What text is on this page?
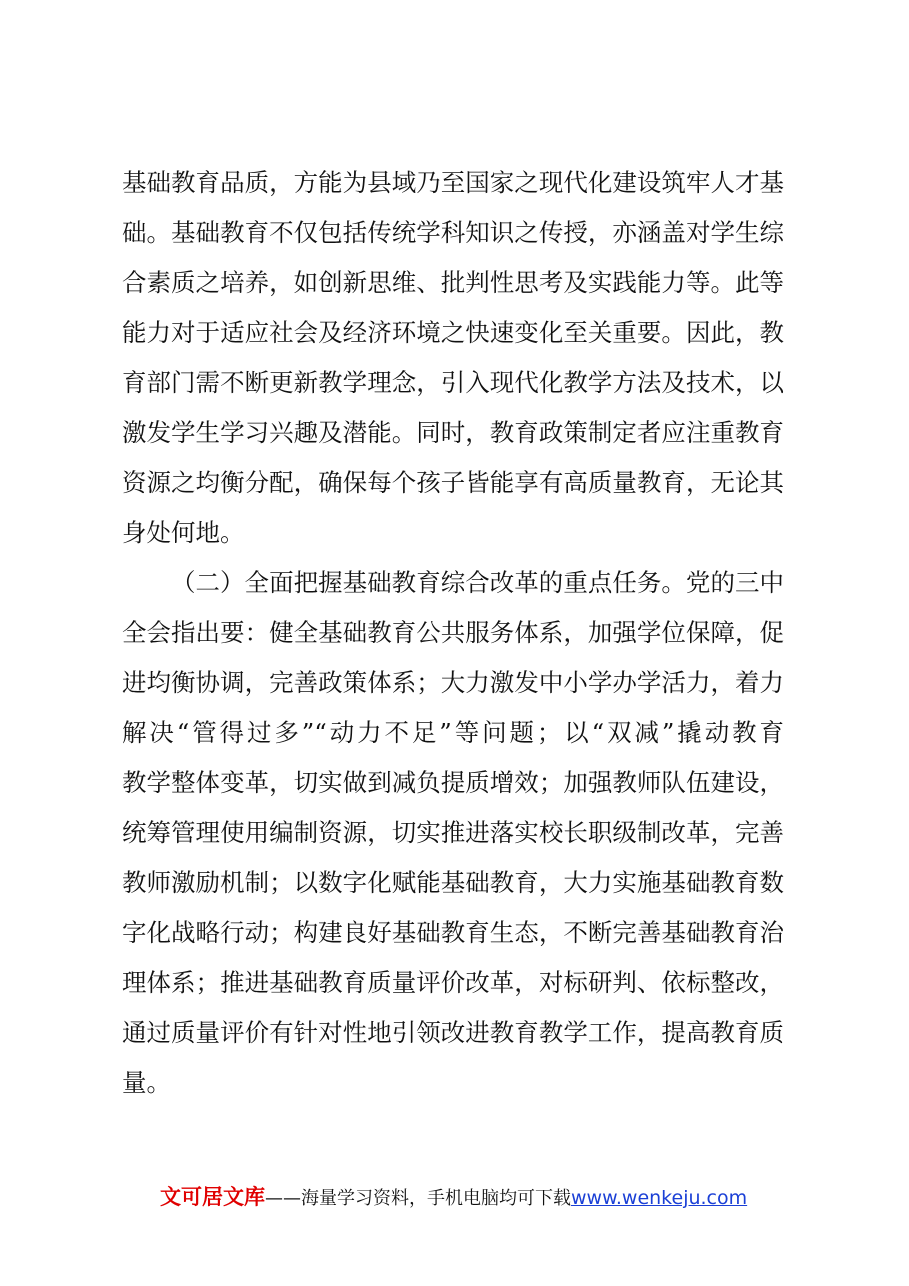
基础教育品质，方能为县域乃至国家之现代化建设筑牢人才基
础。基础教育不仅包括传统学科知识之传授，亦涵盖对学生综
合素质之培养，如创新思维、批判性思考及实践能力等。此等
能力对于适应社会及经济环境之快速变化至关重要。因此，教
育部门需不断更新教学理念，引入现代化教学方法及技术，以
激发学生学习兴趣及潜能。同时，教育政策制定者应注重教育
资源之均衡分配，确保每个孩子皆能享有高质量教育，无论其
身处何地。
（二）全面把握基础教育综合改革的重点任务。党的三中
全会指出要：健全基础教育公共服务体系，加强学位保障，促
进均衡协调，完善政策体系；大力激发中小学办学活力，着力
解决“管得过多”“动力不足”等问题；以“双减”撬动教育
教学整体变革，切实做到减负提质增效；加强教师队伍建设，
统筹管理使用编制资源，切实推进落实校长职级制改革，完善
教师激励机制；以数字化赋能基础教育，大力实施基础教育数
字化战略行动；构建良好基础教育生态，不断完善基础教育治
理体系；推进基础教育质量评价改革，对标研判、依标整改，
通过质量评价有针对性地引领改进教育教学工作，提高教育质
量。
文可居文库——海量学习资料，手机电脑均可下载www.wenkeju.com
